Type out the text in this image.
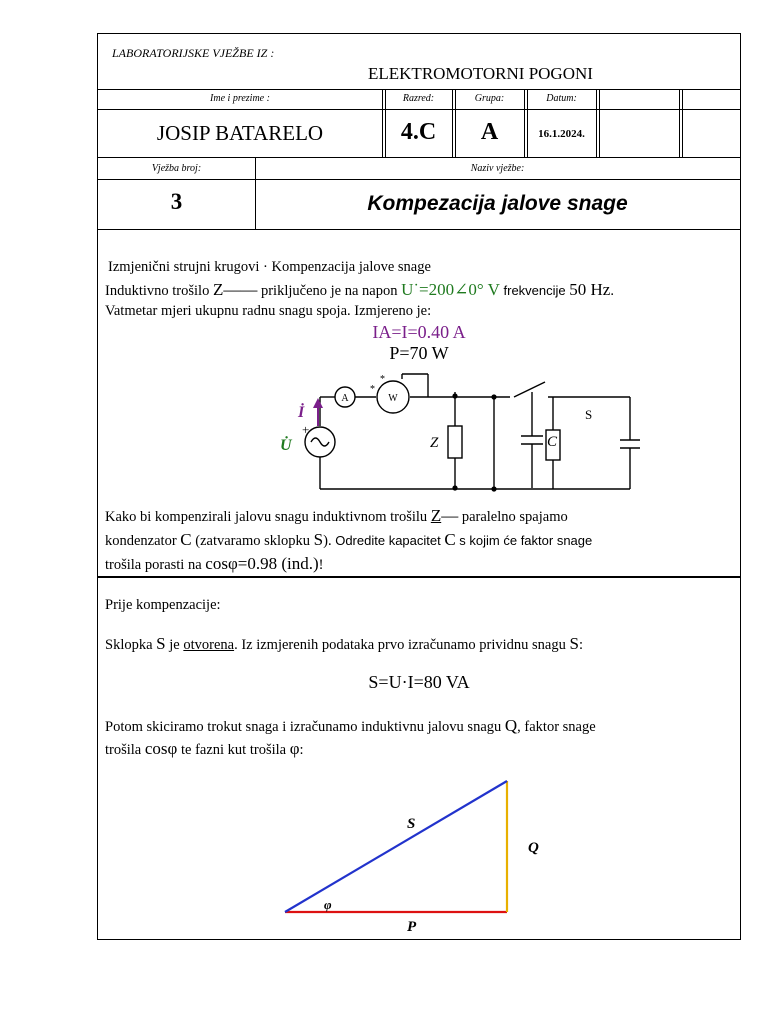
LABORATORIJSKE VJEŽBE IZ :
ELEKTROMOTORNI POGONI
Ime i prezime :	Razred:	Grupa:	Datum:
JOSIP BATARELO	4.C	A	16.1.2024.
Vježba broj:	Naziv vježbe:
3	Kompezacija jalove snage
Izmjenični strujni krugovi · Kompenzacija jalove snage
Induktivno trošilo Z—— priključeno je na napon U˙=200∠0° V frekvencije 50 Hz.
Vatmetar mjeri ukupnu radnu snagu spoja. Izmjereno je:
IA=I=0.40 A
P=70 W
A	W
*
*
İ
+
U̇
S
Kako bi kompenzirali jalovu snagu induktivnom trošilu Z— paralelno spajamo
kondenzator C (zatvaramo sklopku S). Odredite kapacitet C s kojim će faktor snage
trošila porasti na cosφ=0.98 (ind.)!
Prije kompenzacije:
Sklopka S je otvorena. Iz izmjerenih podataka prvo izračunamo prividnu snagu S:
S=U·I=80 VA
Potom skiciramo trokut snaga i izračunamo induktivnu jalovu snagu Q, faktor snage
trošila cosφ te fazni kut trošila φ:
S
Q
P
φ
Z	C
